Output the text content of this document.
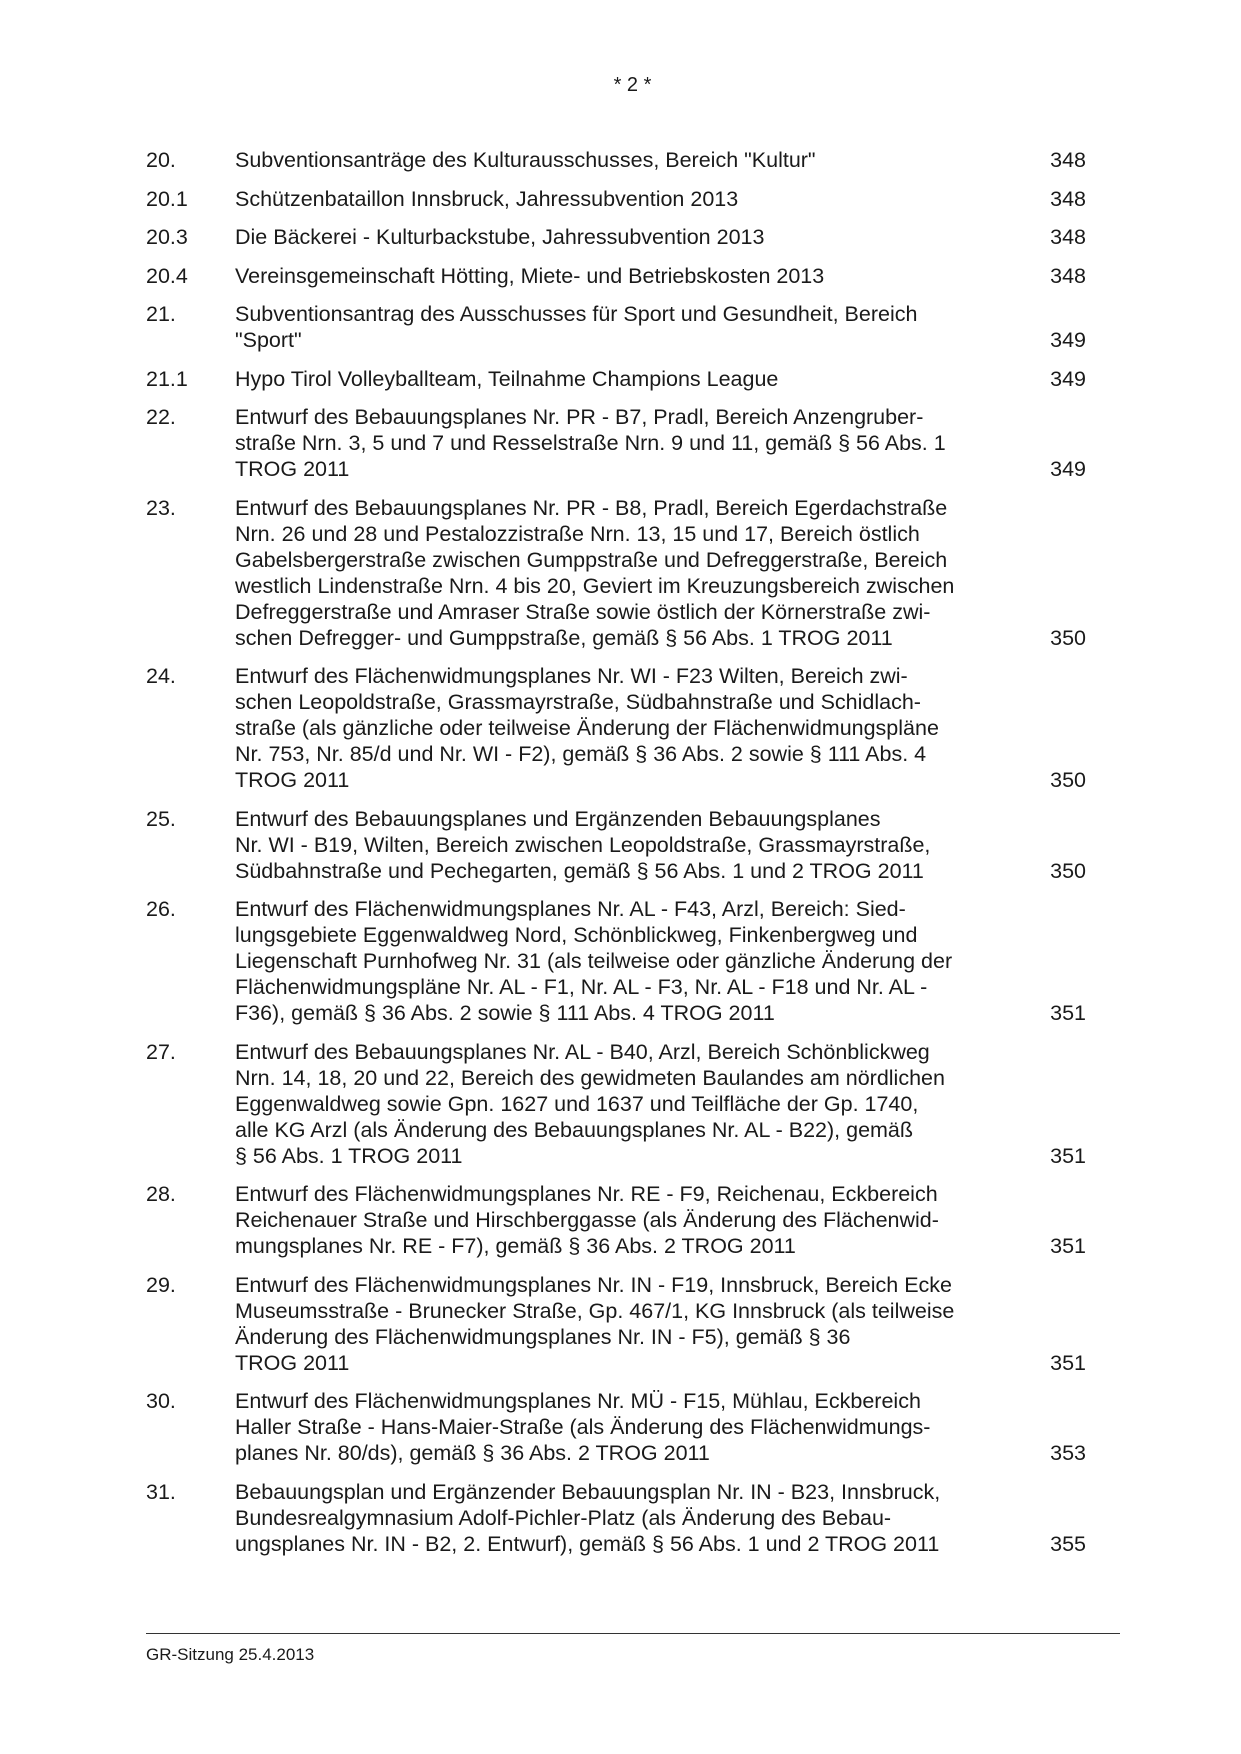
* 2 *
20.	Subventionsanträge des Kulturausschusses, Bereich "Kultur"	348
20.1	Schützenbataillon Innsbruck, Jahressubvention 2013	348
20.3	Die Bäckerei - Kulturbackstube, Jahressubvention 2013	348
20.4	Vereinsgemeinschaft Hötting, Miete- und Betriebskosten 2013	348
21.	Subventionsantrag des Ausschusses für Sport und Gesundheit, Bereich
"Sport"	349
21.1	Hypo Tirol Volleyballteam, Teilnahme Champions League	349
22.	Entwurf des Bebauungsplanes Nr. PR - B7, Pradl, Bereich Anzengruber-
straße Nrn. 3, 5 und 7 und Resselstraße Nrn. 9 und 11, gemäß § 56 Abs. 1
TROG 2011	349
23.	Entwurf des Bebauungsplanes Nr. PR - B8, Pradl, Bereich Egerdachstraße
Nrn. 26 und 28 und Pestalozzistraße Nrn. 13, 15 und 17, Bereich östlich
Gabelsbergerstraße zwischen Gumppstraße und Defreggerstraße, Bereich
westlich Lindenstraße Nrn. 4 bis 20, Geviert im Kreuzungsbereich zwischen
Defreggerstraße und Amraser Straße sowie östlich der Körnerstraße zwi-
schen Defregger- und Gumppstraße, gemäß § 56 Abs. 1 TROG 2011	350
24.	Entwurf des Flächenwidmungsplanes Nr. WI - F23 Wilten, Bereich zwi-
schen Leopoldstraße, Grassmayrstraße, Südbahnstraße und Schidlach-
straße (als gänzliche oder teilweise Änderung der Flächenwidmungspläne
Nr. 753, Nr. 85/d und Nr. WI - F2), gemäß § 36 Abs. 2 sowie § 111 Abs. 4
TROG 2011	350
25.	Entwurf des Bebauungsplanes und Ergänzenden Bebauungsplanes
Nr. WI - B19, Wilten, Bereich zwischen Leopoldstraße, Grassmayrstraße,
Südbahnstraße und Pechegarten, gemäß § 56 Abs. 1 und 2 TROG 2011	350
26.	Entwurf des Flächenwidmungsplanes Nr. AL - F43, Arzl, Bereich: Sied-
lungsgebiete Eggenwaldweg Nord, Schönblickweg, Finkenbergweg und
Liegenschaft Purnhofweg Nr. 31 (als teilweise oder gänzliche Änderung der
Flächenwidmungspläne Nr. AL - F1, Nr. AL - F3, Nr. AL - F18 und Nr. AL -
F36), gemäß § 36 Abs. 2 sowie § 111 Abs. 4 TROG 2011	351
27.	Entwurf des Bebauungsplanes Nr. AL - B40, Arzl, Bereich Schönblickweg
Nrn. 14, 18, 20 und 22, Bereich des gewidmeten Baulandes am nördlichen
Eggenwaldweg sowie Gpn. 1627 und 1637 und Teilfläche der Gp. 1740,
alle KG Arzl (als Änderung des Bebauungsplanes Nr. AL - B22), gemäß
§ 56 Abs. 1 TROG 2011	351
28.	Entwurf des Flächenwidmungsplanes Nr. RE - F9, Reichenau, Eckbereich
Reichenauer Straße und Hirschberggasse (als Änderung des Flächenwid-
mungsplanes Nr. RE - F7), gemäß § 36 Abs. 2 TROG 2011	351
29.	Entwurf des Flächenwidmungsplanes Nr. IN - F19, Innsbruck, Bereich Ecke
Museumsstraße - Brunecker Straße, Gp. 467/1, KG Innsbruck (als teilweise
Änderung des Flächenwidmungsplanes Nr. IN - F5), gemäß § 36
TROG 2011	351
30.	Entwurf des Flächenwidmungsplanes Nr. MÜ - F15, Mühlau, Eckbereich
Haller Straße - Hans-Maier-Straße (als Änderung des Flächenwidmungs-
planes Nr. 80/ds), gemäß § 36 Abs. 2 TROG 2011	353
31.	Bebauungsplan und Ergänzender Bebauungsplan Nr. IN - B23, Innsbruck,
Bundesrealgymnasium Adolf-Pichler-Platz (als Änderung des Bebau-
ungsplanes Nr. IN - B2, 2. Entwurf), gemäß § 56 Abs. 1 und 2 TROG 2011	355
GR-Sitzung 25.4.2013
